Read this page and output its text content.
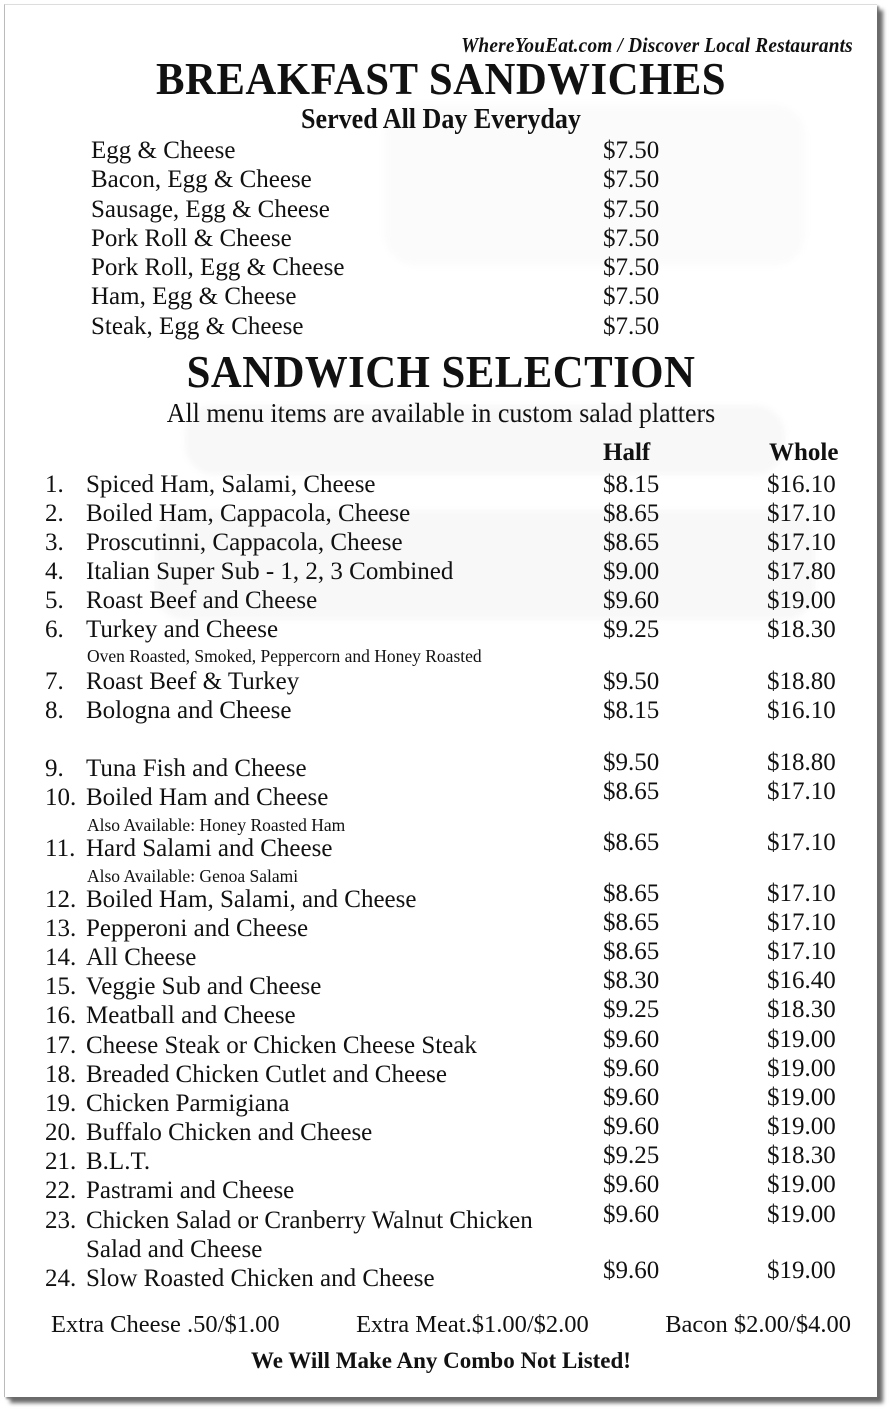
WhereYouEat.com / Discover Local Restaurants
BREAKFAST SANDWICHES
Served All Day Everyday
Egg & Cheese	$7.50
Bacon, Egg & Cheese	$7.50
Sausage, Egg & Cheese	$7.50
Pork Roll & Cheese	$7.50
Pork Roll, Egg & Cheese	$7.50
Ham, Egg & Cheese	$7.50
Steak, Egg & Cheese	$7.50
SANDWICH SELECTION
All menu items are available in custom salad platters
Half	Whole
1. Spiced Ham, Salami, Cheese	$8.15	$16.10
2. Boiled Ham, Cappacola, Cheese	$8.65	$17.10
3. Proscutinni, Cappacola, Cheese	$8.65	$17.10
4. Italian Super Sub - 1, 2, 3 Combined	$9.00	$17.80
5. Roast Beef and Cheese	$9.60	$19.00
6. Turkey and Cheese	$9.25	$18.30
Oven Roasted, Smoked, Peppercorn and Honey Roasted
7. Roast Beef & Turkey	$9.50	$18.80
8. Bologna and Cheese	$8.15	$16.10
9. Tuna Fish and Cheese	$9.50	$18.80
10. Boiled Ham and Cheese	$8.65	$17.10
Also Available: Honey Roasted Ham
11. Hard Salami and Cheese	$8.65	$17.10
Also Available: Genoa Salami
12. Boiled Ham, Salami, and Cheese	$8.65	$17.10
13. Pepperoni and Cheese	$8.65	$17.10
14. All Cheese	$8.65	$17.10
15. Veggie Sub and Cheese	$8.30	$16.40
16. Meatball and Cheese	$9.25	$18.30
17. Cheese Steak or Chicken Cheese Steak	$9.60	$19.00
18. Breaded Chicken Cutlet and Cheese	$9.60	$19.00
19. Chicken Parmigiana	$9.60	$19.00
20. Buffalo Chicken and Cheese	$9.60	$19.00
21. B.L.T.	$9.25	$18.30
22. Pastrami and Cheese	$9.60	$19.00
23. Chicken Salad or Cranberry Walnut Chicken	$9.60	$19.00
Salad and Cheese
24. Slow Roasted Chicken and Cheese	$9.60	$19.00
Extra Cheese .50/$1.00	Extra Meat.$1.00/$2.00	Bacon $2.00/$4.00
We Will Make Any Combo Not Listed!
